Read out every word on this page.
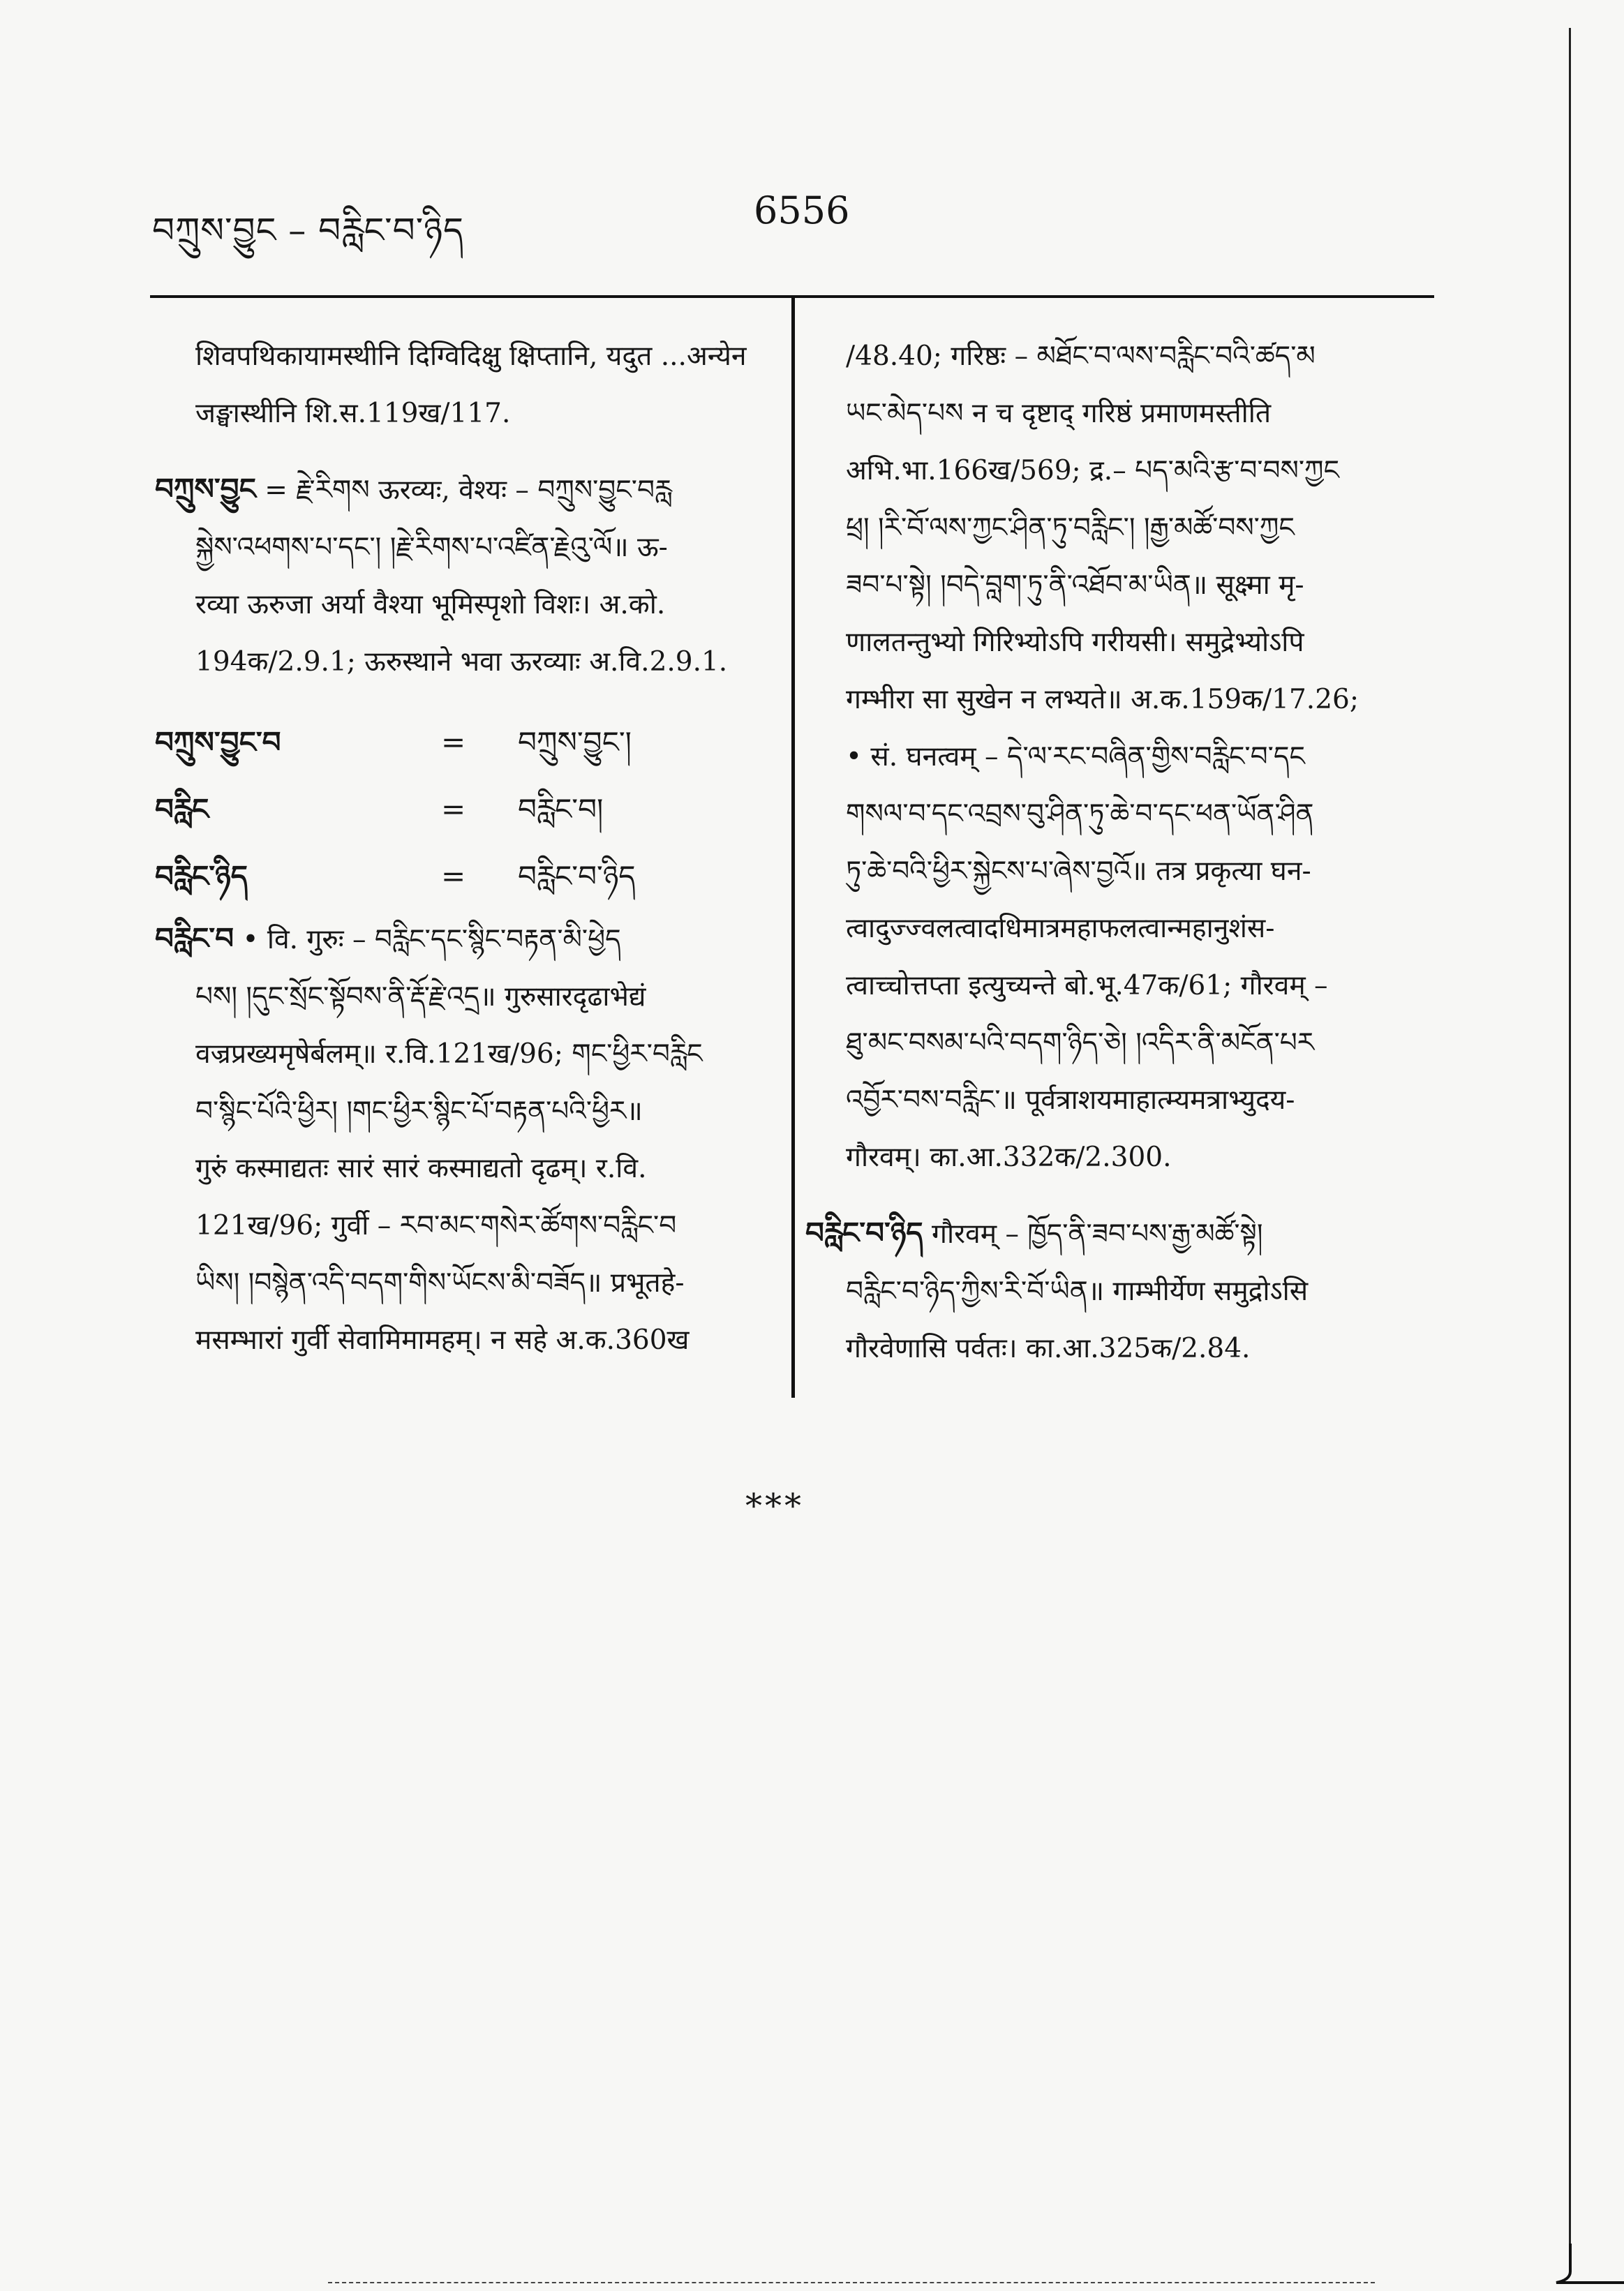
བཀྲུས་བྱུང – བརླིང་བ་ཉིད	6556

शिवपथिकायामस्थीनि दिग्विदिक्षु क्षिप्तानि, यदुत ...अन्येन जङ्घास्थीनि शि.स.119ख/117.

བཀྲུས་བྱུང = རྗེ་རིགས ऊरव्यः, वेश्यः – བཀྲུས་བྱུང་བརླ

སྐྱེས་འཕགས་པ་དང་། །རྗེ་རིགས་པ་འཛིན་རྗེའུ་ལོ॥ ऊ-

रव्या ऊरुजा अर्या वैश्या भूमिस्पृशो विशः। अ.को.

194क/2.9.1; ऊरुस्थाने भवा ऊरव्याः अ.वि.2.9.1.

བཀྲུས་བྱུང་བ	=	བཀྲུས་བྱུང་།
བརླིང	=	བརླིང་བ།
བརླིང་ཉིད	=	བརླིང་བ་ཉིད

བརླིང་བ • वि. गुरुः – བརླིང་དང་སྙིང་བརྟན་མི་ཕྱེད

པས། །དུང་སྲོང་སྟོབས་ནི་རྡོ་རྗེ་འདྲ॥ गुरुसारदृढाभेद्यं

वज्रप्रख्यमृषेर्बलम्॥ र.वि.121ख/96; གང་ཕྱིར་བརླིང

བ་སྙིང་པོའི་ཕྱིར། །གང་ཕྱིར་སྙིང་པོ་བརྟན་པའི་ཕྱིར॥

गुरुं कस्माद्यतः सारं सारं कस्माद्यतो दृढम्। र.वि.

121ख/96; गुर्वी – རབ་མང་གསེར་ཚོགས་བརླིང་བ

ཡིས། །བསྙེན་འདི་བདག་གིས་ཡོངས་མི་བཟོད॥ प्रभूतहे-

मसम्भारां गुर्वी सेवामिमामहम्। न सहे अ.क.360ख

/48.40; गरिष्ठः – མཐོང་བ་ལས་བརླིང་བའི་ཚད་མ

ཡང་མེད་པས न च दृष्टाद् गरिष्ठं प्रमाणमस्तीति

अभि.भा.166ख/569; द्र.– པད་མའི་རྩ་བ་བས་ཀྱང

ཕྲ། །རི་བོ་ལས་ཀྱང་ཤིན་ཏུ་བརླིང་། །རྒྱ་མཚོ་བས་ཀྱང

ཟབ་པ་སྟེ། །བདེ་བླག་ཏུ་ནི་འཐོབ་མ་ཡིན॥ सूक्ष्मा मृ-

णालतन्तुभ्यो गिरिभ्योऽपि गरीयसी। समुद्रेभ्योऽपि

गम्भीरा सा सुखेन न लभ्यते॥ अ.क.159क/17.26;

• सं. घनत्वम् – དེ་ལ་རང་བཞིན་གྱིས་བརླིང་བ་དང

གསལ་བ་དང་འབྲས་བུ་ཤིན་ཏུ་ཆེ་བ་དང་ཕན་ཡོན་ཤིན

ཏུ་ཆེ་བའི་ཕྱིར་སྐྱེངས་པ་ཞེས་བྱའོ॥ तत्र प्रकृत्या घन-

त्वादुज्ज्वलत्वादधिमात्रमहाफलत्वान्महानुशंस-

त्वाच्चोत्तप्ता इत्युच्यन्ते बो.भू.47क/61; गौरवम् –

ཐུ་མང་བསམ་པའི་བདག་ཉིད་ཅེ། །འདིར་ནི་མངོན་པར

འབྱོར་བས་བརླིང་॥ पूर्वत्राशयमाहात्म्यमत्राभ्युदय-

गौरवम्। का.आ.332क/2.300.

བརླིང་བ་ཉིད गौरवम् – ཁྱོད་ནི་ཟབ་པས་རྒྱ་མཚོ་སྟེ།

བརླིང་བ་ཉིད་ཀྱིས་རི་བོ་ཡིན॥ गाम्भीर्येण समुद्रोऽसि

गौरवेणासि पर्वतः। का.आ.325क/2.84.

***
